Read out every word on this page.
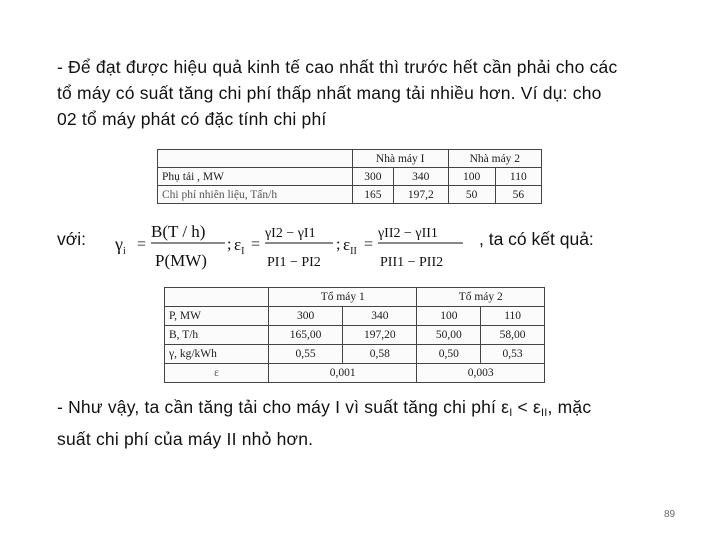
- Để đạt được hiệu quả kinh tế cao nhất thì trước hết cần phải cho các
tổ máy có suất tăng chi phí thấp nhất mang tải nhiều hơn. Ví dụ: cho
02 tổ máy phát có đặc tính chi phí
	Nhà máy I		Nhà máy 2	
Phụ tải , MW	300	340	100	110
Chi phí nhiên liệu, Tấn/h	165	197,2	50	56
với: $\gamma_i$ =
B(T / h)
P(MW)
; $\varepsilon_I$ =
γI2 − γI1
PI1 − PI2
; $\varepsilon_{II}$ =
γII2 − γII1
PII1 − PII2
, ta có kết quả:
	Tổ máy 1		Tổ máy 2	
P, MW	300	340	100	110
B, T/h	165,00	197,20	50,00	58,00
γ, kg/kWh	0,55	0,58	0,50	0,53
ε	0,001		0,003	
- Như vậy, ta cần tăng tải cho máy I vì suất tăng chi phí $\varepsilon_I < \varepsilon_{II}$, mặc
suất chi phí của máy II nhỏ hơn.
89
